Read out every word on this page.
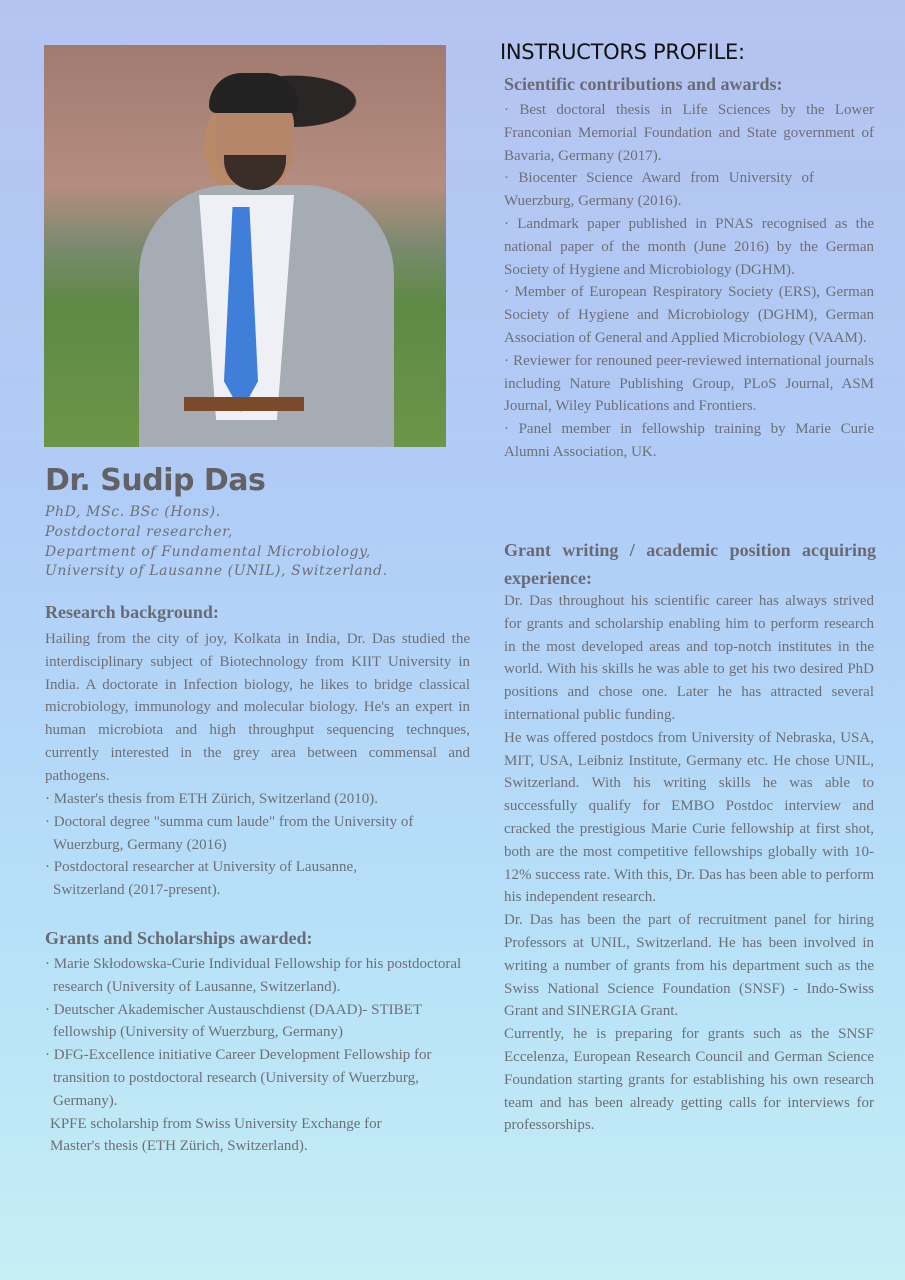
Dr. Sudip Das
PhD, MSc. BSc (Hons).
Postdoctoral researcher,
Department of Fundamental Microbiology,
University of Lausanne (UNIL), Switzerland.
Research background:
Hailing from the city of joy, Kolkata in India, Dr. Das studied the interdisciplinary subject of Biotechnology from KIIT University in India. A doctorate in Infection biology, he likes to bridge classical microbiology, immunology and molecular biology. He's an expert in human microbiota and high throughput sequencing technques, currently interested in the grey area between commensal and pathogens.
· Master's thesis from ETH Zürich, Switzerland (2010).
· Doctoral degree "summa cum laude" from the University of Wuerzburg, Germany (2016)
· Postdoctoral researcher at University of Lausanne, Switzerland (2017-present).
Grants and Scholarships awarded:
· Marie Skłodowska-Curie Individual Fellowship for his postdoctoral research (University of Lausanne, Switzerland).
· Deutscher Akademischer Austauschdienst (DAAD)- STIBET fellowship (University of Wuerzburg, Germany)
· DFG-Excellence initiative Career Development Fellowship for transition to postdoctoral research (University of Wuerzburg, Germany).
KPFE scholarship from Swiss University Exchange for Master's thesis (ETH Zürich, Switzerland).
INSTRUCTORS PROFILE:
Scientific contributions and awards:

· Best doctoral thesis in Life Sciences by the Lower Franconian Memorial Foundation and State government of Bavaria, Germany (2017).

· Biocenter Science Award from University of Wuerzburg, Germany (2016).

· Landmark paper published in PNAS recognised as the national paper of the month (June 2016) by the German Society of Hygiene and Microbiology (DGHM).

· Member of European Respiratory Society (ERS), German Society of Hygiene and Microbiology (DGHM), German Association of General and Applied Microbiology (VAAM).

· Reviewer for renouned peer-reviewed international journals including Nature Publishing Group, PLoS Journal, ASM Journal, Wiley Publications and Frontiers.

· Panel member in fellowship training by Marie Curie Alumni Association, UK.

Grant writing / academic position acquiring experience:

Dr. Das throughout his scientific career has always strived for grants and scholarship enabling him to perform research in the most developed areas and top-notch institutes in the world. With his skills he was able to get his two desired PhD positions and chose one. Later he has attracted several international public funding.

He was offered postdocs from University of Nebraska, USA, MIT, USA, Leibniz Institute, Germany etc. He chose UNIL, Switzerland. With his writing skills he was able to successfully qualify for EMBO Postdoc interview and cracked the prestigious Marie Curie fellowship at first shot, both are the most competitive fellowships globally with 10-12% success rate. With this, Dr. Das has been able to perform his independent research.

Dr. Das has been the part of recruitment panel for hiring Professors at UNIL, Switzerland. He has been involved in writing a number of grants from his department such as the Swiss National Science Foundation (SNSF) - Indo-Swiss Grant and SINERGIA Grant.

Currently, he is preparing for grants such as the SNSF Eccelenza, European Research Council and German Science Foundation starting grants for establishing his own research team and has been already getting calls for interviews for professorships.
